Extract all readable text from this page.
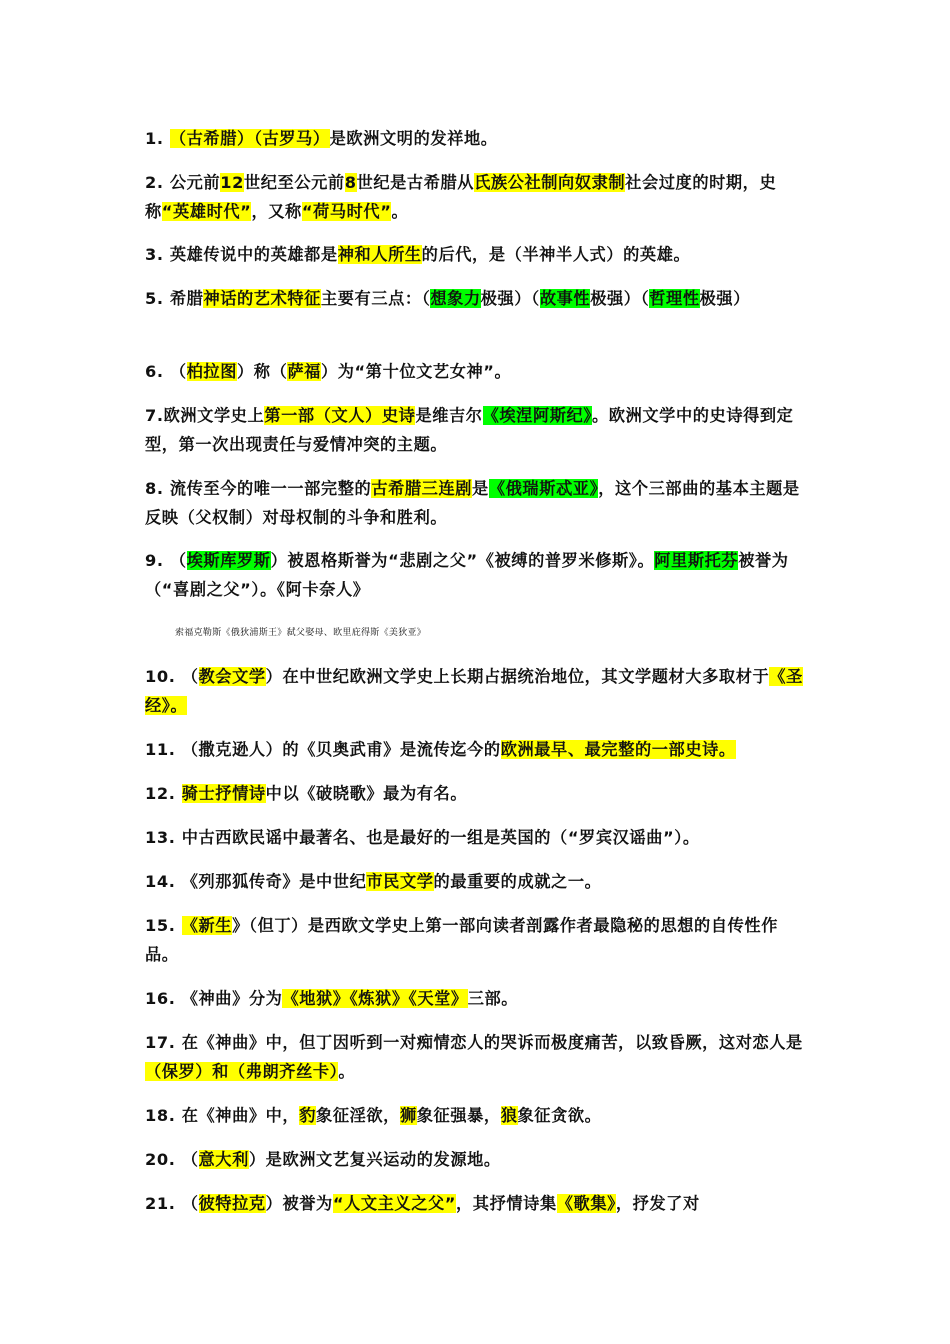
索福克勒斯《俄狄浦斯王》弑父娶母、欧里庇得斯《美狄亚》
1. （古希腊）（古罗马）是欧洲文明的发祥地。
2. 公元前12世纪至公元前8世纪是古希腊从氏族公社制向奴隶制社会过度的时期，史称“英雄时代”，又称“荷马时代”。
3. 英雄传说中的英雄都是神和人所生的后代，是（半神半人式）的英雄。
5. 希腊神话的艺术特征主要有三点：（想象力极强）（故事性极强）（哲理性极强）
6. （柏拉图）称（萨福）为“第十位文艺女神”。
7.欧洲文学史上第一部（文人）史诗是维吉尔《埃涅阿斯纪》。欧洲文学中的史诗得到定型，第一次出现责任与爱情冲突的主题。
8. 流传至今的唯一一部完整的古希腊三连剧是《俄瑞斯忒亚》，这个三部曲的基本主题是反映（父权制）对母权制的斗争和胜利。
9. （埃斯库罗斯）被恩格斯誉为“悲剧之父”《被缚的普罗米修斯》。阿里斯托芬被誉为（“喜剧之父”）。《阿卡奈人》
10. （教会文学）在中世纪欧洲文学史上长期占据统治地位，其文学题材大多取材于《圣经》。
11. （撒克逊人）的《贝奥武甫》是流传迄今的欧洲最早、最完整的一部史诗。
12. 骑士抒情诗中以《破晓歌》最为有名。
13. 中古西欧民谣中最著名、也是最好的一组是英国的（“罗宾汉谣曲”）。
14. 《列那狐传奇》是中世纪市民文学的最重要的成就之一。
15. 《新生》（但丁）是西欧文学史上第一部向读者剖露作者最隐秘的思想的自传性作品。
16. 《神曲》分为《地狱》《炼狱》《天堂》三部。
17. 在《神曲》中，但丁因听到一对痴情恋人的哭诉而极度痛苦，以致昏厥，这对恋人是（保罗）和（弗朗齐丝卡）。
18. 在《神曲》中，豹象征淫欲，狮象征强暴，狼象征贪欲。
20. （意大利）是欧洲文艺复兴运动的发源地。
21. （彼特拉克）被誉为“人文主义之父”，其抒情诗集《歌集》，抒发了对
